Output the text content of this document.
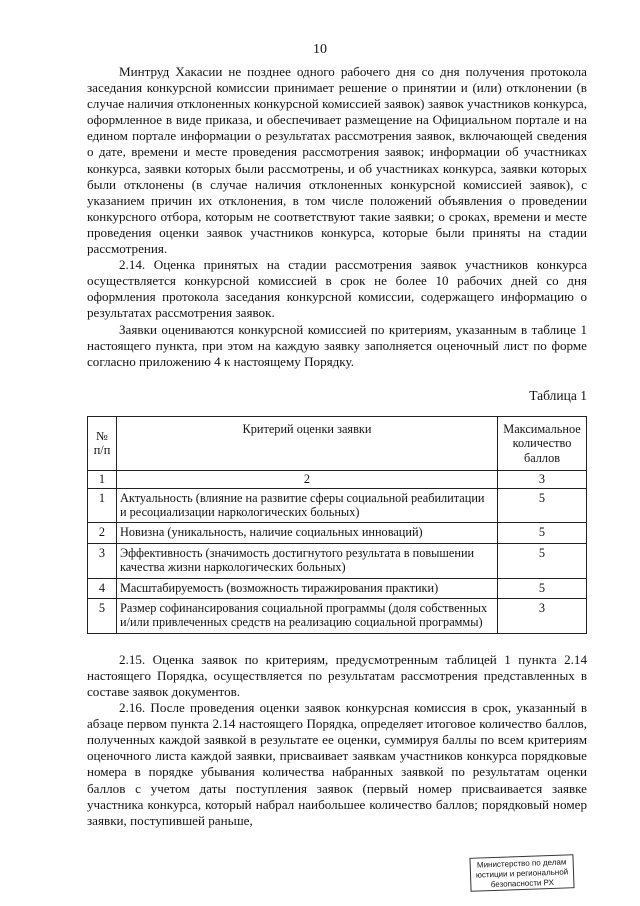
10

Минтруд Хакасии не позднее одного рабочего дня со дня получения протокола заседания конкурсной комиссии принимает решение о принятии и (или) отклонении (в случае наличия отклоненных конкурсной комиссией заявок) заявок участников конкурса, оформленное в виде приказа, и обеспечивает размещение на Официальном портале и на едином портале информации о результатах рассмотрения заявок, включающей сведения о дате, времени и месте проведения рассмотрения заявок; информации об участниках конкурса, заявки которых были рассмотрены, и об участниках конкурса, заявки которых были отклонены (в случае наличия отклоненных конкурсной комиссией заявок), с указанием причин их отклонения, в том числе положений объявления о проведении конкурсного отбора, которым не соответствуют такие заявки; о сроках, времени и месте проведения оценки заявок участников конкурса, которые были приняты на стадии рассмотрения.

2.14. Оценка принятых на стадии рассмотрения заявок участников конкурса осуществляется конкурсной комиссией в срок не более 10 рабочих дней со дня оформления протокола заседания конкурсной комиссии, содержащего информацию о результатах рассмотрения заявок.

Заявки оцениваются конкурсной комиссией по критериям, указанным в таблице 1 настоящего пункта, при этом на каждую заявку заполняется оценочный лист по форме согласно приложению 4 к настоящему Порядку.

Таблица 1
№ п/п	Критерий оценки заявки	Максимальное количество баллов
1	2	3
1	Актуальность (влияние на развитие сферы социальной реабилитации и ресоциализации наркологических больных)	5
2	Новизна (уникальность, наличие социальных инноваций)	5
3	Эффективность (значимость достигнутого результата в повышении качества жизни наркологических больных)	5
4	Масштабируемость (возможность тиражирования практики)	5
5	Размер софинансирования социальной программы (доля собственных и/или привлеченных средств на реализацию социальной программы)	3

2.15. Оценка заявок по критериям, предусмотренным таблицей 1 пункта 2.14 настоящего Порядка, осуществляется по результатам рассмотрения представленных в составе заявок документов.

2.16. После проведения оценки заявок конкурсная комиссия в срок, указанный в абзаце первом пункта 2.14 настоящего Порядка, определяет итоговое количество баллов, полученных каждой заявкой в результате ее оценки, суммируя баллы по всем критериям оценочного листа каждой заявки, присваивает заявкам участников конкурса порядковые номера в порядке убывания количества набранных заявкой по результатам оценки баллов с учетом даты поступления заявок (первый номер присваивается заявке участника конкурса, который набрал наибольшее количество баллов; порядковый номер заявки, поступившей раньше,

Министерство по делам
юстиции и региональной
безопасности РХ
